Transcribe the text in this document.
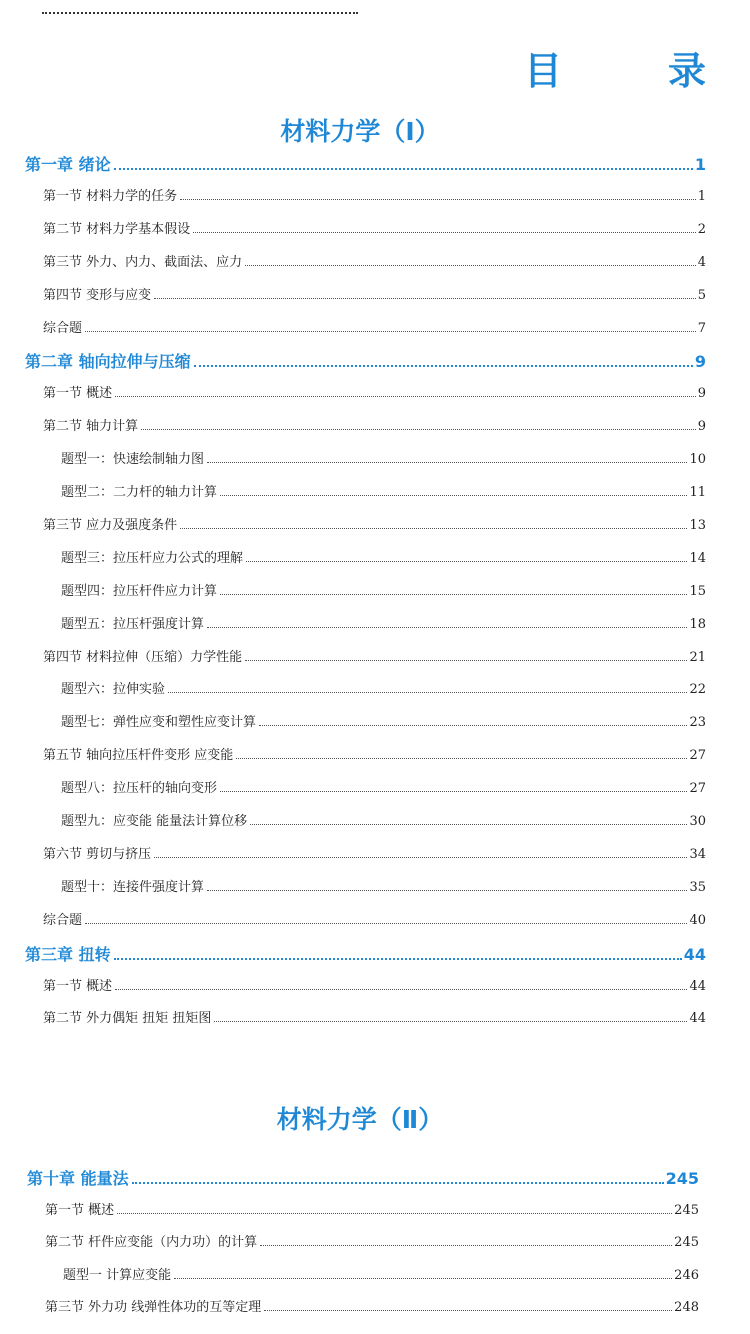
目　录
材料力学（Ⅰ）
第一章 绪论	1
第一节 材料力学的任务	1
第二节 材料力学基本假设	2
第三节 外力、内力、截面法、应力	4
第四节 变形与应变	5
综合题	7
第二章 轴向拉伸与压缩	9
第一节 概述	9
第二节 轴力计算	9
题型一：快速绘制轴力图	10
题型二：二力杆的轴力计算	11
第三节 应力及强度条件	13
题型三：拉压杆应力公式的理解	14
题型四：拉压杆件应力计算	15
题型五：拉压杆强度计算	18
第四节 材料拉伸（压缩）力学性能	21
题型六：拉伸实验	22
题型七：弹性应变和塑性应变计算	23
第五节 轴向拉压杆件变形 应变能	27
题型八：拉压杆的轴向变形	27
题型九：应变能 能量法计算位移	30
第六节 剪切与挤压	34
题型十：连接件强度计算	35
综合题	40
第三章 扭转	44
第一节 概述	44
第二节 外力偶矩 扭矩 扭矩图	44
材料力学（Ⅱ）
第十章 能量法	245
第一节 概述	245
第二节 杆件应变能（内力功）的计算	245
题型一 计算应变能	246
第三节 外力功 线弹性体功的互等定理	248
